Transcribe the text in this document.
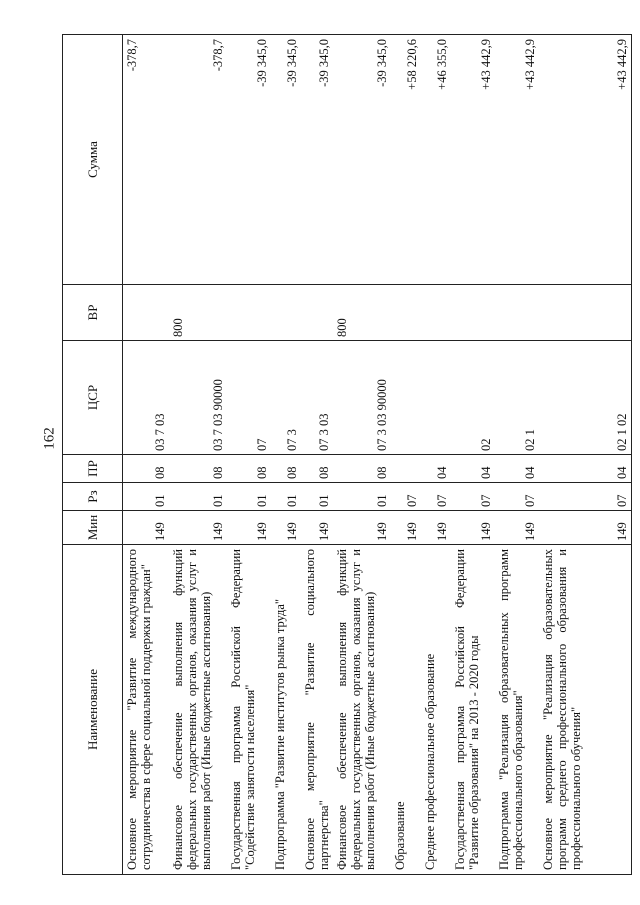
162
Наименование	Мин	Рз	ПР	ЦСР	ВР	Сумма
Основное мероприятие "Развитие международного сотрудничества в сфере социальной поддержки граждан"	149	01	08	03 7 03		-378,7
Финансовое обеспечение выполнения функций федеральных государственных органов, оказания услуг и выполнения работ (Иные бюджетные ассигнования)	149	01	08	03 7 03 90000	800	-378,7
Государственная программа Российской Федерации "Содействие занятости населения"	149	01	08	07		-39 345,0
Подпрограмма "Развитие институтов рынка труда"	149	01	08	07 3		-39 345,0
Основное мероприятие "Развитие социального партнерства"	149	01	08	07 3 03		-39 345,0
Финансовое обеспечение выполнения функций федеральных государственных органов, оказания услуг и выполнения работ (Иные бюджетные ассигнования)	149	01	08	07 3 03 90000	800	-39 345,0
Образование	149	07				+58 220,6
Среднее профессиональное образование	149	07	04			+46 355,0
Государственная программа Российской Федерации "Развитие образования" на 2013 - 2020 годы	149	07	04	02		+43 442,9
Подпрограмма "Реализация образовательных программ профессионального образования"	149	07	04	02 1		+43 442,9
Основное мероприятие "Реализация образовательных программ среднего профессионального образования и профессионального обучения"	149	07	04	02 1 02		+43 442,9
